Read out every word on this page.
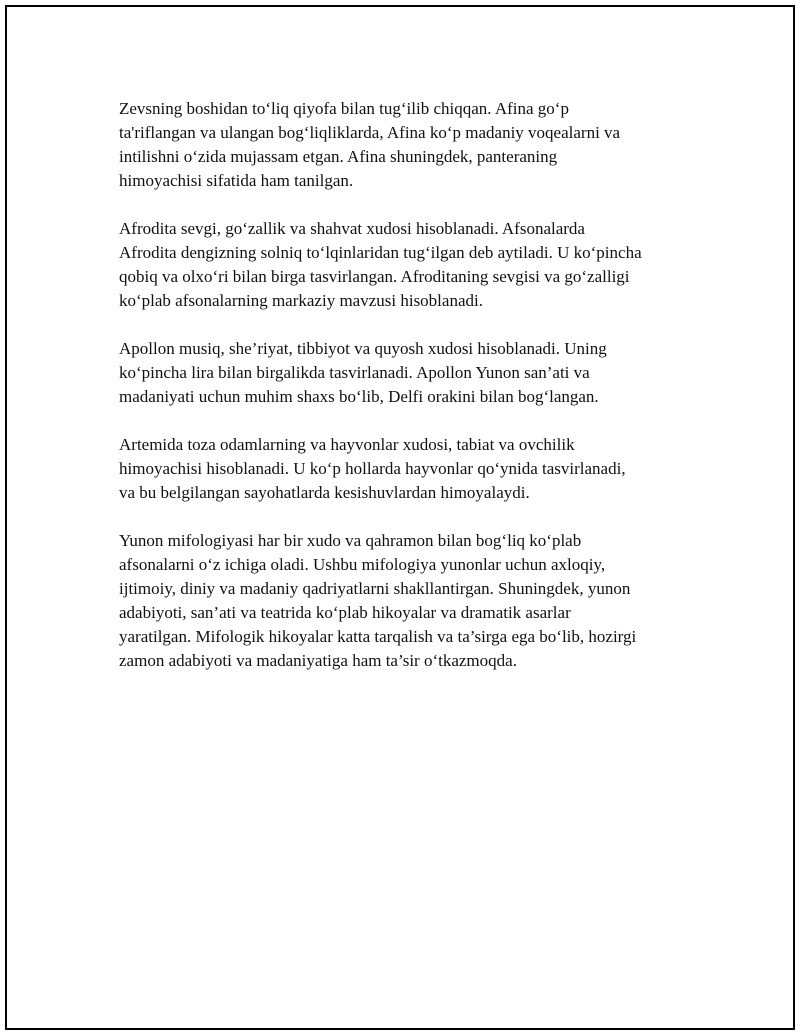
Zevsning boshidan to‘liq qiyofa bilan tug‘ilib chiqqan. Afina go‘p
ta'riflangan va ulangan bog‘liqliklarda, Afina ko‘p madaniy voqealarni va
intilishni o‘zida mujassam etgan. Afina shuningdek, panteraning
himoyachisi sifatida ham tanilgan.

Afrodita sevgi, go‘zallik va shahvat xudosi hisoblanadi. Afsonalarda
Afrodita dengizning solniq to‘lqinlaridan tug‘ilgan deb aytiladi. U ko‘pincha
qobiq va olxo‘ri bilan birga tasvirlangan. Afroditaning sevgisi va go‘zalligi
ko‘plab afsonalarning markaziy mavzusi hisoblanadi.

Apollon musiq, she’riyat, tibbiyot va quyosh xudosi hisoblanadi. Uning
ko‘pincha lira bilan birgalikda tasvirlanadi. Apollon Yunon san’ati va
madaniyati uchun muhim shaxs bo‘lib, Delfi orakini bilan bog‘langan.

Artemida toza odamlarning va hayvonlar xudosi, tabiat va ovchilik
himoyachisi hisoblanadi. U ko‘p hollarda hayvonlar qo‘ynida tasvirlanadi,
va bu belgilangan sayohatlarda kesishuvlardan himoyalaydi.

Yunon mifologiyasi har bir xudo va qahramon bilan bog‘liq ko‘plab
afsonalarni o‘z ichiga oladi. Ushbu mifologiya yunonlar uchun axloqiy,
ijtimoiy, diniy va madaniy qadriyatlarni shakllantirgan. Shuningdek, yunon
adabiyoti, san’ati va teatrida ko‘plab hikoyalar va dramatik asarlar
yaratilgan. Mifologik hikoyalar katta tarqalish va ta’sirga ega bo‘lib, hozirgi
zamon adabiyoti va madaniyatiga ham ta’sir o‘tkazmoqda.
